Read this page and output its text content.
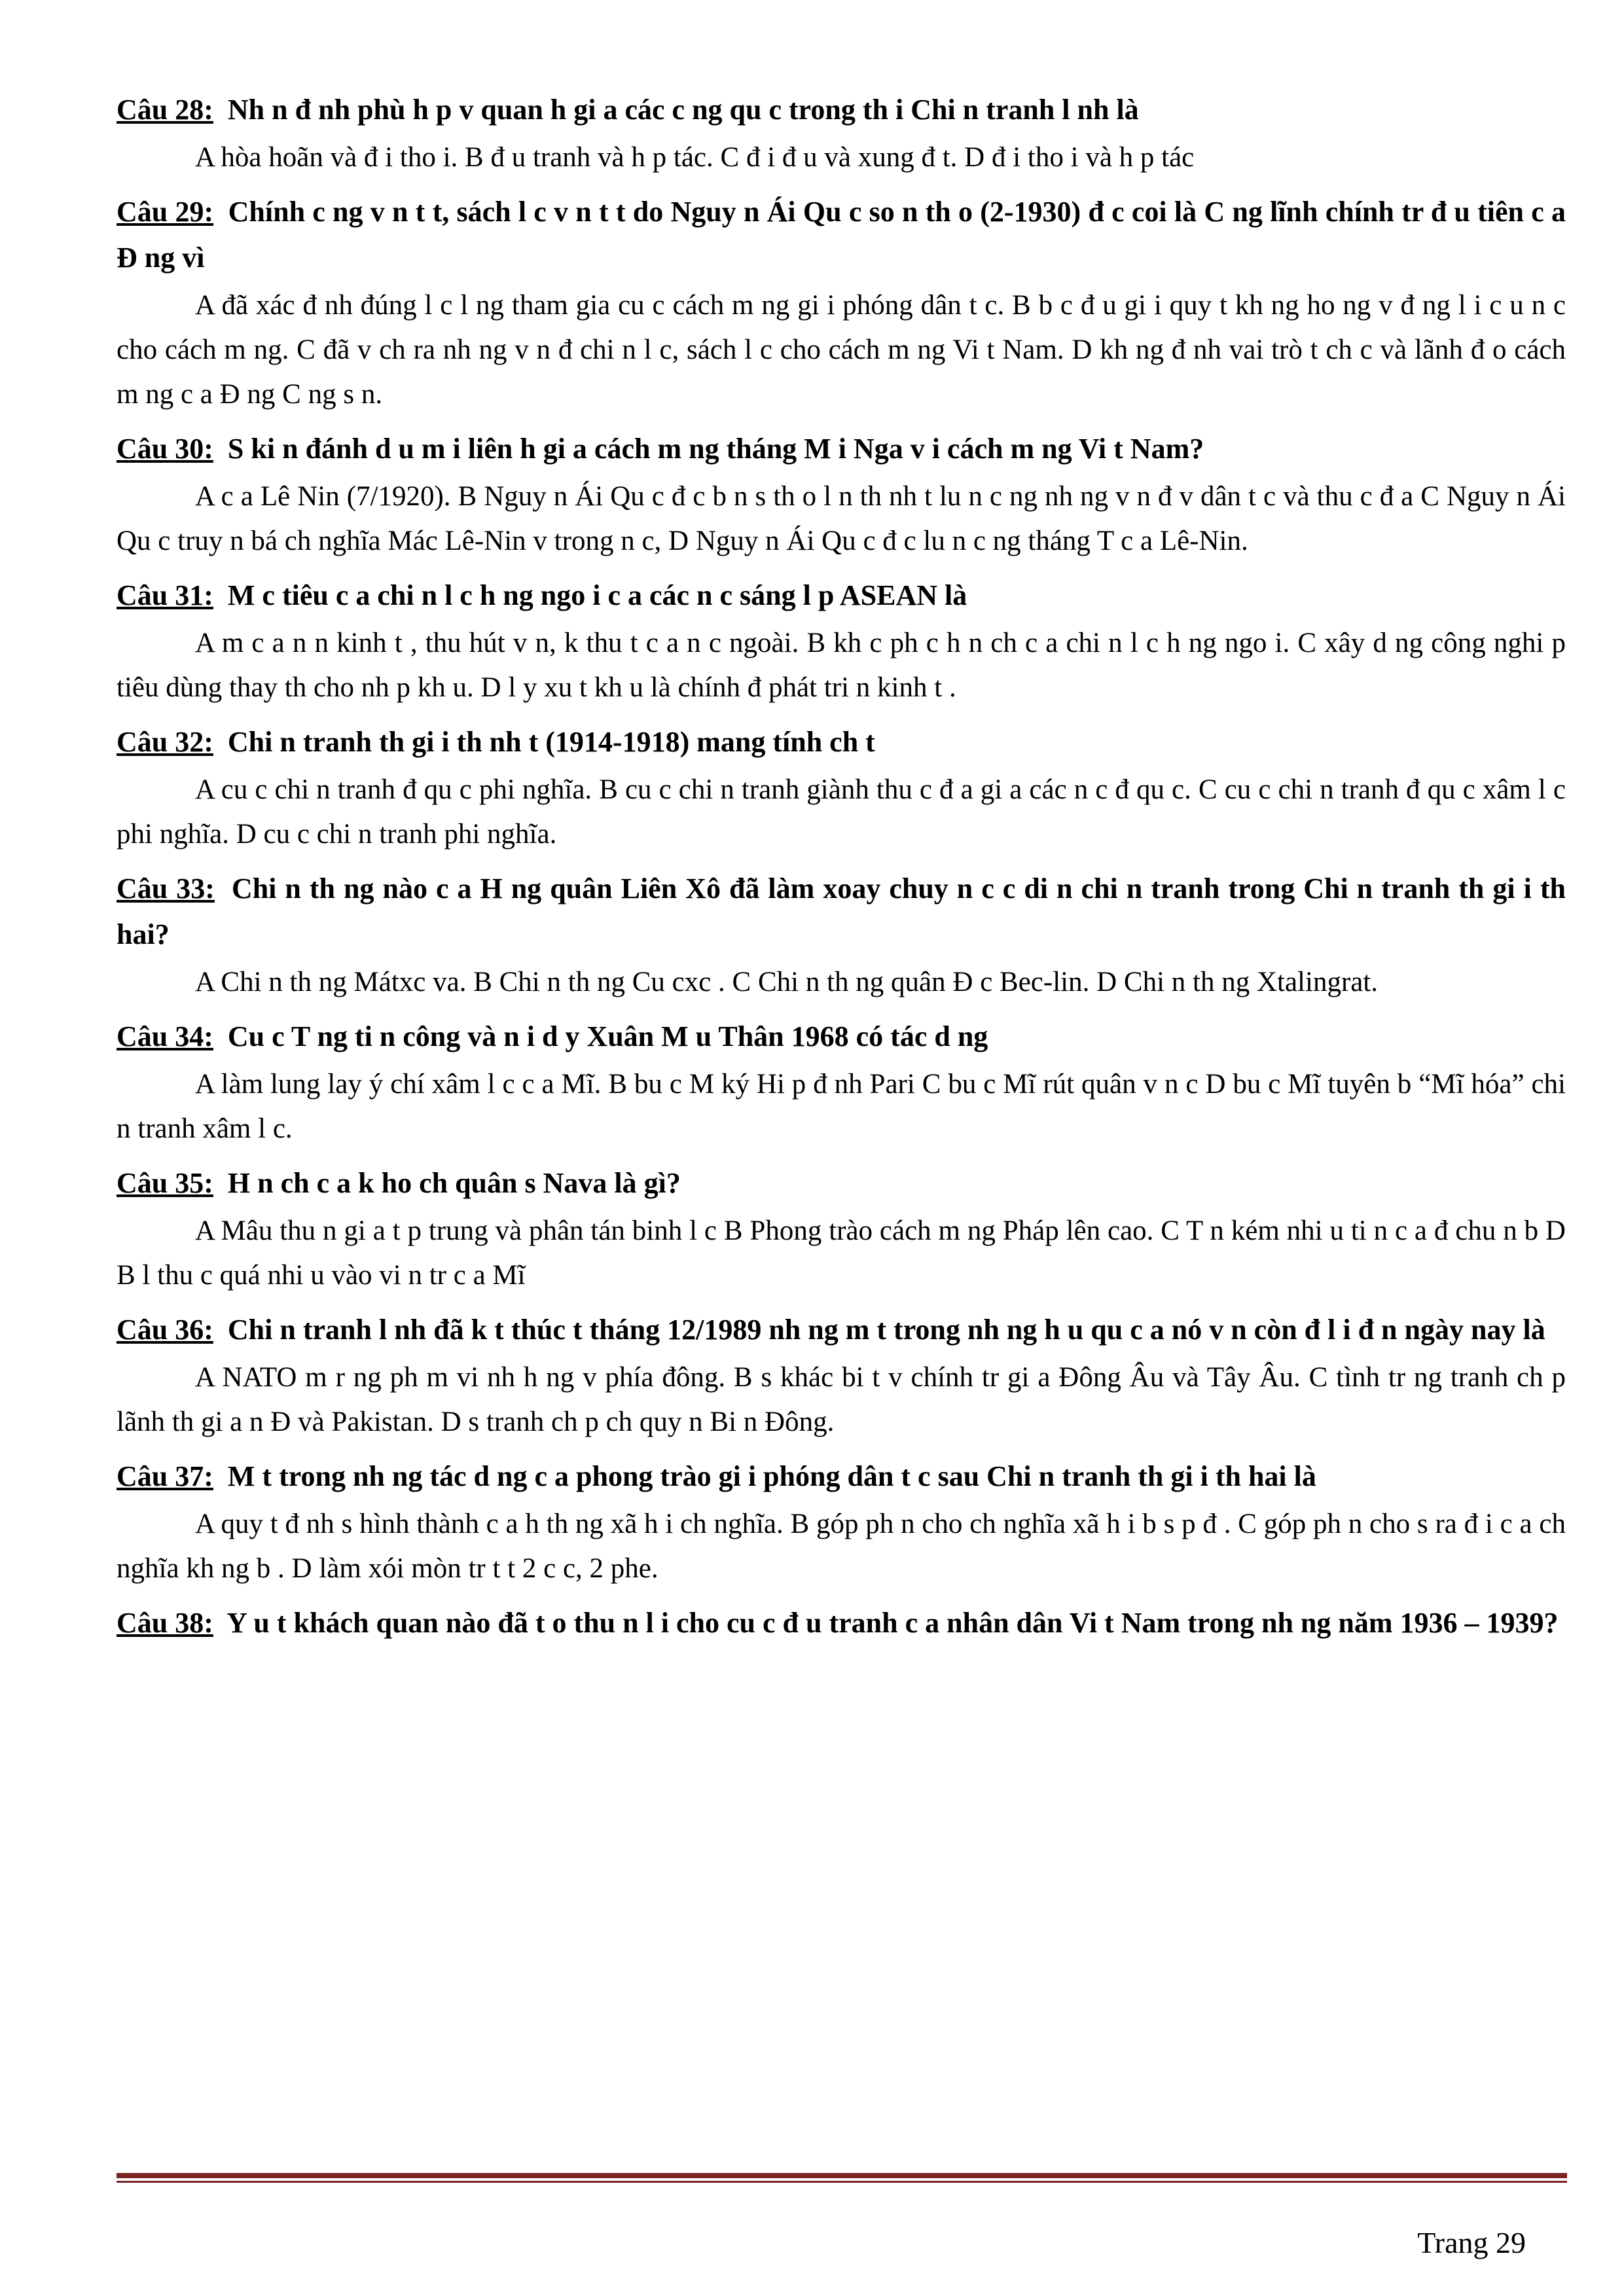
Câu 28: Nh n đ nh phù h p v quan h gi a các c ng qu c trong th i Chi n tranh l nh là

A hòa hoãn và đ i tho i. B đ u tranh và h p tác. C đ i đ u và xung đ t. D đ i tho i và h p tác

Câu 29: Chính c ng v n t t, sách l c v n t t do Nguy n Ái Qu c so n th o (2-1930) đ c coi là C ng lĩnh chính tr đ u tiên c a Đ ng vì

A đã xác đ nh đúng l c l ng tham gia cu c cách m ng gi i phóng dân t c. B b c đ u gi i quy t kh ng ho ng v đ ng l i c u n c cho cách m ng. C đã v ch ra nh ng v n đ chi n l c, sách l c cho cách m ng Vi t Nam. D kh ng đ nh vai trò t ch c và lãnh đ o cách m ng c a Đ ng C ng s n.

Câu 30: S ki n đánh d u m i liên h gi a cách m ng tháng M i Nga v i cách m ng Vi t Nam?

A c a Lê Nin (7/1920). B Nguy n Ái Qu c đ c b n s th o l n th nh t lu n c ng nh ng v n đ v dân t c và thu c đ a C Nguy n Ái Qu c truy n bá ch nghĩa Mác Lê-Nin v trong n c, D Nguy n Ái Qu c đ c lu n c ng tháng T c a Lê-Nin.

Câu 31: M c tiêu c a chi n l c h ng ngo i c a các n c sáng l p ASEAN là

A m c a n n kinh t , thu hút v n, k thu t c a n c ngoài. B kh c ph c h n ch c a chi n l c h ng ngo i. C xây d ng công nghi p tiêu dùng thay th cho nh p kh u. D l y xu t kh u là chính đ phát tri n kinh t .

Câu 32: Chi n tranh th gi i th nh t (1914-1918) mang tính ch t

A cu c chi n tranh đ qu c phi nghĩa. B cu c chi n tranh giành thu c đ a gi a các n c đ qu c. C cu c chi n tranh đ qu c xâm l c phi nghĩa. D cu c chi n tranh phi nghĩa.

Câu 33: Chi n th ng nào c a H ng quân Liên Xô đã làm xoay chuy n c c di n chi n tranh trong Chi n tranh th gi i th hai?

A Chi n th ng Mátxc va. B Chi n th ng Cu cxc . C Chi n th ng quân Đ c Bec-lin. D Chi n th ng Xtalingrat.

Câu 34: Cu c T ng ti n công và n i d y Xuân M u Thân 1968 có tác d ng

A làm lung lay ý chí xâm l c c a Mĩ. B bu c M ký Hi p đ nh Pari C bu c Mĩ rút quân v n c D bu c Mĩ tuyên b “Mĩ hóa” chi n tranh xâm l c.

Câu 35: H n ch c a k ho ch quân s Nava là gì?

A Mâu thu n gi a t p trung và phân tán binh l c B Phong trào cách m ng Pháp lên cao. C T n kém nhi u ti n c a đ chu n b D B l thu c quá nhi u vào vi n tr c a Mĩ

Câu 36: Chi n tranh l nh đã k t thúc t tháng 12/1989 nh ng m t trong nh ng h u qu c a nó v n còn đ l i đ n ngày nay là

A NATO m r ng ph m vi nh h ng v phía đông. B s khác bi t v chính tr gi a Đông Âu và Tây Âu. C tình tr ng tranh ch p lãnh th gi a n Đ và Pakistan. D s tranh ch p ch quy n Bi n Đông.

Câu 37: M t trong nh ng tác d ng c a phong trào gi i phóng dân t c sau Chi n tranh th gi i th hai là

A quy t đ nh s hình thành c a h th ng xã h i ch nghĩa. B góp ph n cho ch nghĩa xã h i b s p đ . C góp ph n cho s ra đ i c a ch nghĩa kh ng b . D làm xói mòn tr t t 2 c c, 2 phe.

Câu 38: Y u t khách quan nào đã t o thu n l i cho cu c đ u tranh c a nhân dân Vi t Nam trong nh ng năm 1936 – 1939?

Trang 29
